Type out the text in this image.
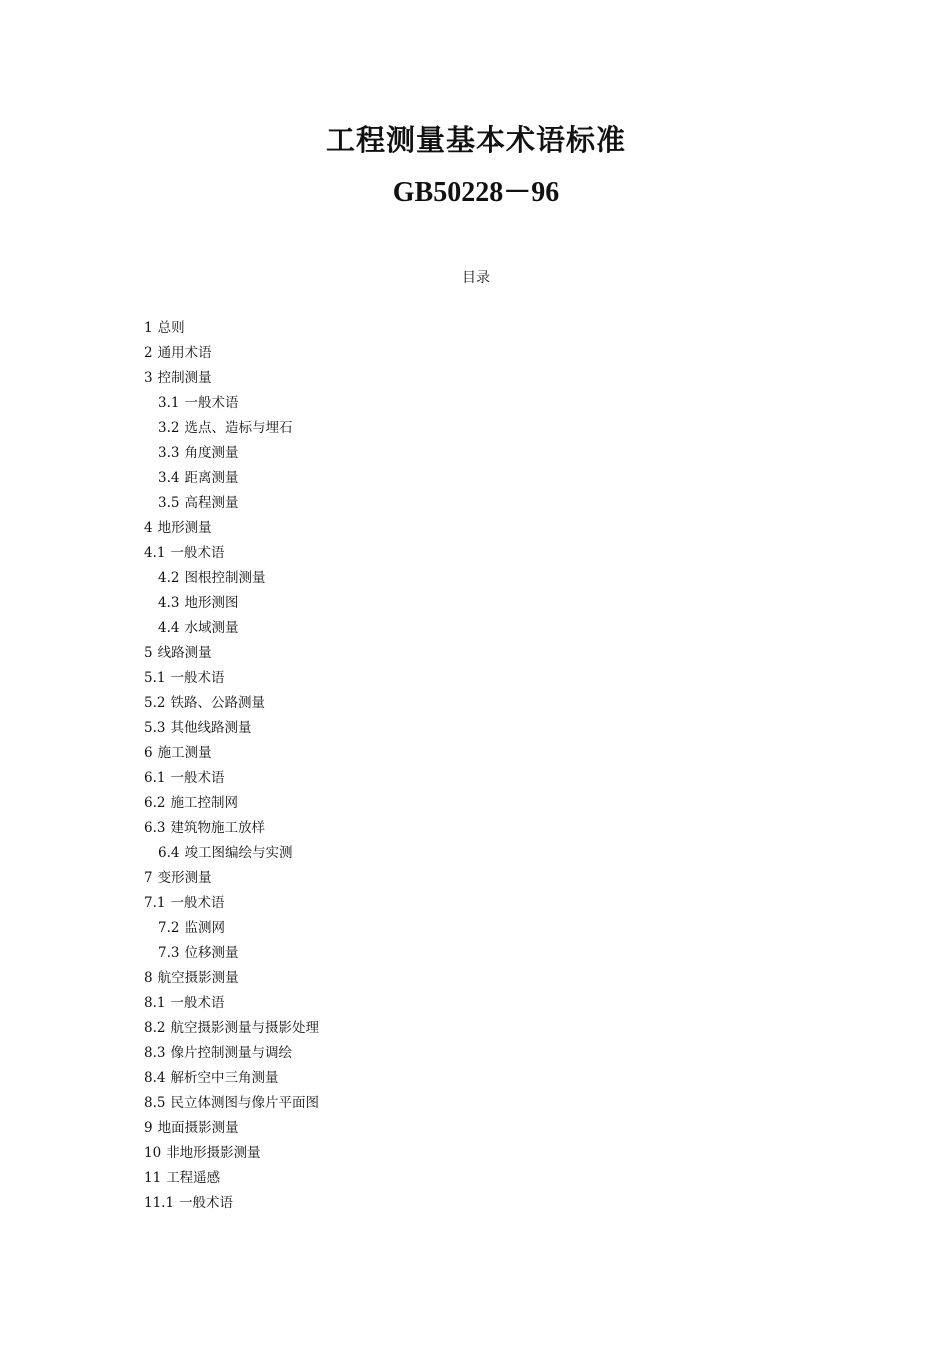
工程测量基本术语标准
GB50228－96
目录
1 总则
2 通用术语
3 控制测量
3.1 一般术语
3.2 选点、造标与埋石
3.3 角度测量
3.4 距离测量
3.5 高程测量
4 地形测量
4.1 一般术语
4.2 图根控制测量
4.3 地形测图
4.4 水域测量
5 线路测量
5.1 一般术语
5.2 铁路、公路测量
5.3 其他线路测量
6 施工测量
6.1 一般术语
6.2 施工控制网
6.3 建筑物施工放样
6.4 竣工图编绘与实测
7 变形测量
7.1 一般术语
7.2 监测网
7.3 位移测量
8 航空摄影测量
8.1 一般术语
8.2 航空摄影测量与摄影处理
8.3 像片控制测量与调绘
8.4 解析空中三角测量
8.5 民立体测图与像片平面图
9 地面摄影测量
10 非地形摄影测量
11 工程遥感
11.1 一般术语
